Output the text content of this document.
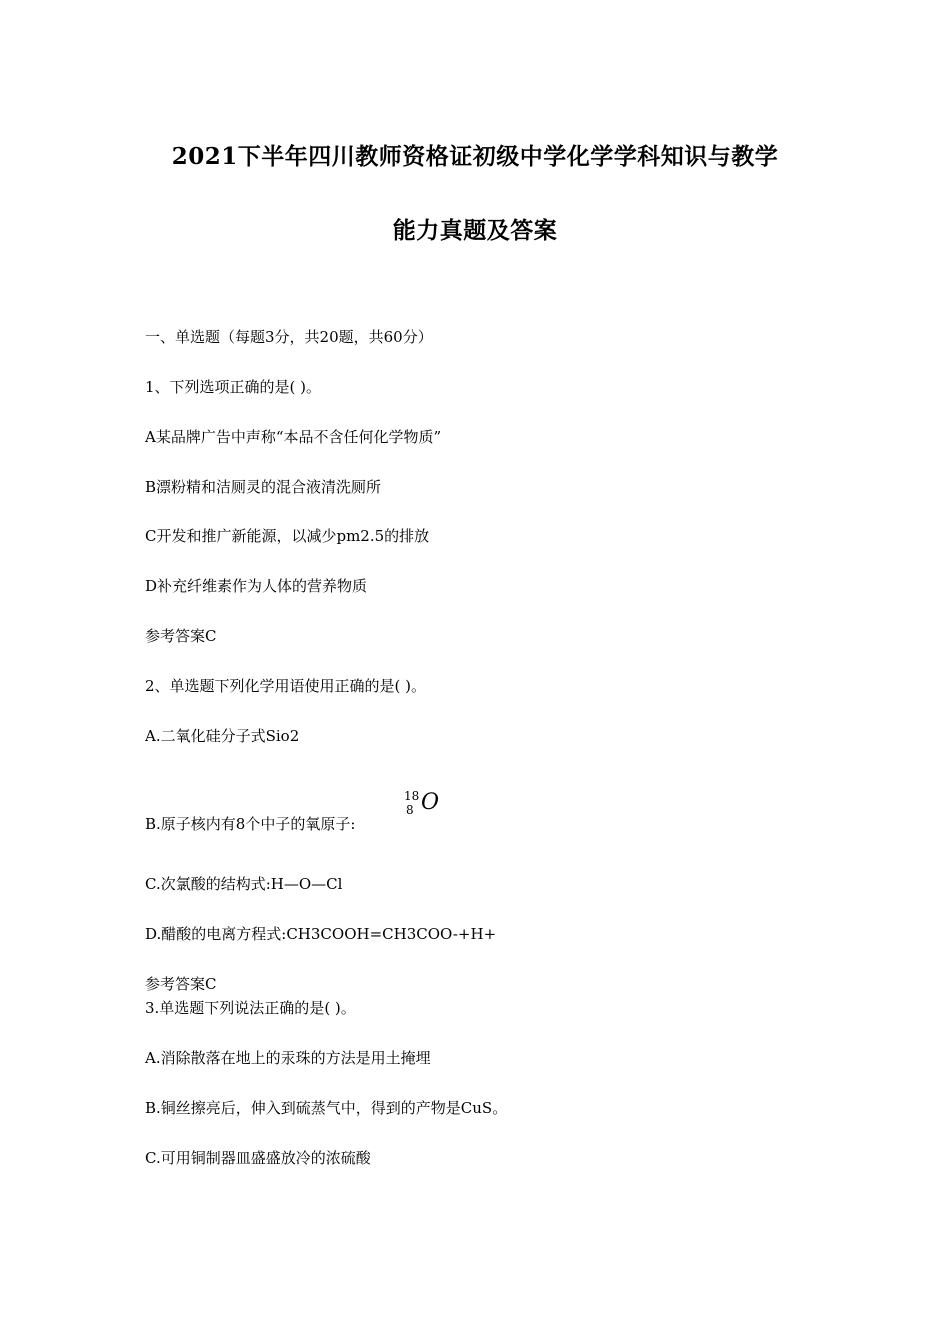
2021下半年四川教师资格证初级中学化学学科知识与教学
能力真题及答案
一、单选题（每题3分，共20题，共60分）
1、下列选项正确的是( )。
A某品牌广告中声称“本品不含任何化学物质”
B漂粉精和洁厕灵的混合液清洗厕所
C开发和推广新能源，以减少pm2.5的排放
D补充纤维素作为人体的营养物质
参考答案C
2、单选题下列化学用语使用正确的是( )。
A.二氧化硅分子式Sio2
18
8 O
B.原子核内有8个中子的氧原子:
C.次氯酸的结构式:H—O—Cl
D.醋酸的电离方程式:CH3COOH=CH3COO-+H+
参考答案C
3.单选题下列说法正确的是( )。
A.消除散落在地上的汞珠的方法是用土掩埋
B.铜丝擦亮后，伸入到硫蒸气中，得到的产物是CuS。
C.可用铜制器皿盛盛放冷的浓硫酸
